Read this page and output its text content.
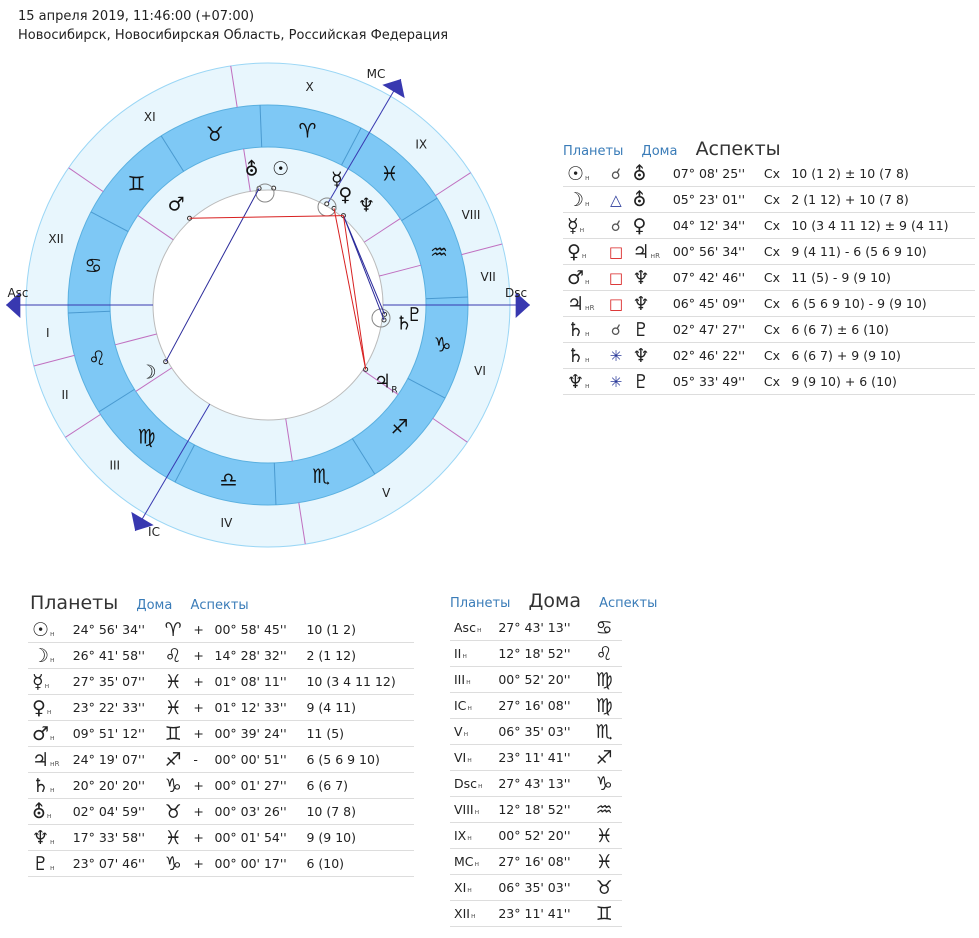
15 апреля 2019, 11:46:00 (+07:00)
Новосибирск, Новосибирская Область, Российская Федерация
♈
♉
♊
♋
♌
♍
♎	♏
♐
♑
♒
♓
I
II
III
IV
V
VI
VII
VIII
IX
X
XI
XII
Asc	Dsc
MC
IC
☉
☽
☿
♀
♂
♃ R
♄
⛢
♆
♇
Планеты Дома Аспекты
☉н	☌	⛢	07° 08' 25''	Сх	10 (1 2) ± 10 (7 8)
☽н	△	⛢	05° 23' 01''	Сх	2 (1 12) + 10 (7 8)
☿н	☌	♀	04° 12' 34''	Сх	10 (3 4 11 12) ± 9 (4 11)
♀н	□	♃нR	00° 56' 34''	Сх	9 (4 11) - 6 (5 6 9 10)
♂н	□	♆	07° 42' 46''	Сх	11 (5) - 9 (9 10)
♃нR	□	♆	06° 45' 09''	Сх	6 (5 6 9 10) - 9 (9 10)
♄н	☌	♇	02° 47' 27''	Сх	6 (6 7) ± 6 (10)
♄н	✳	♆	02° 46' 22''	Сх	6 (6 7) + 9 (9 10)
♆н	✳	♇	05° 33' 49''	Сх	9 (9 10) + 6 (10)
Планеты Дома Аспекты
☉н	24° 56' 34''	♈	+	00° 58' 45''	10 (1 2)
☽н	26° 41' 58''	♌	+	14° 28' 32''	2 (1 12)
☿н	27° 35' 07''	♓	+	01° 08' 11''	10 (3 4 11 12)
♀н	23° 22' 33''	♓	+	01° 12' 33''	9 (4 11)
♂н	09° 51' 12''	♊	+	00° 39' 24''	11 (5)
♃нR	24° 19' 07''	♐	-	00° 00' 51''	6 (5 6 9 10)
♄н	20° 20' 20''	♑	+	00° 01' 27''	6 (6 7)
⛢н	02° 04' 59''	♉	+	00° 03' 26''	10 (7 8)
♆н	17° 33' 58''	♓	+	00° 01' 54''	9 (9 10)
♇н	23° 07' 46''	♑	+	00° 00' 17''	6 (10)
Планеты Дома Аспекты
Ascн	27° 43' 13''	♋
IIн	12° 18' 52''	♌
IIIн	00° 52' 20''	♍
ICн	27° 16' 08''	♍
Vн	06° 35' 03''	♏
VIн	23° 11' 41''	♐
Dscн	27° 43' 13''	♑
VIIIн	12° 18' 52''	♒
IXн	00° 52' 20''	♓
MCн	27° 16' 08''	♓
XIн	06° 35' 03''	♉
XIIн	23° 11' 41''	♊
